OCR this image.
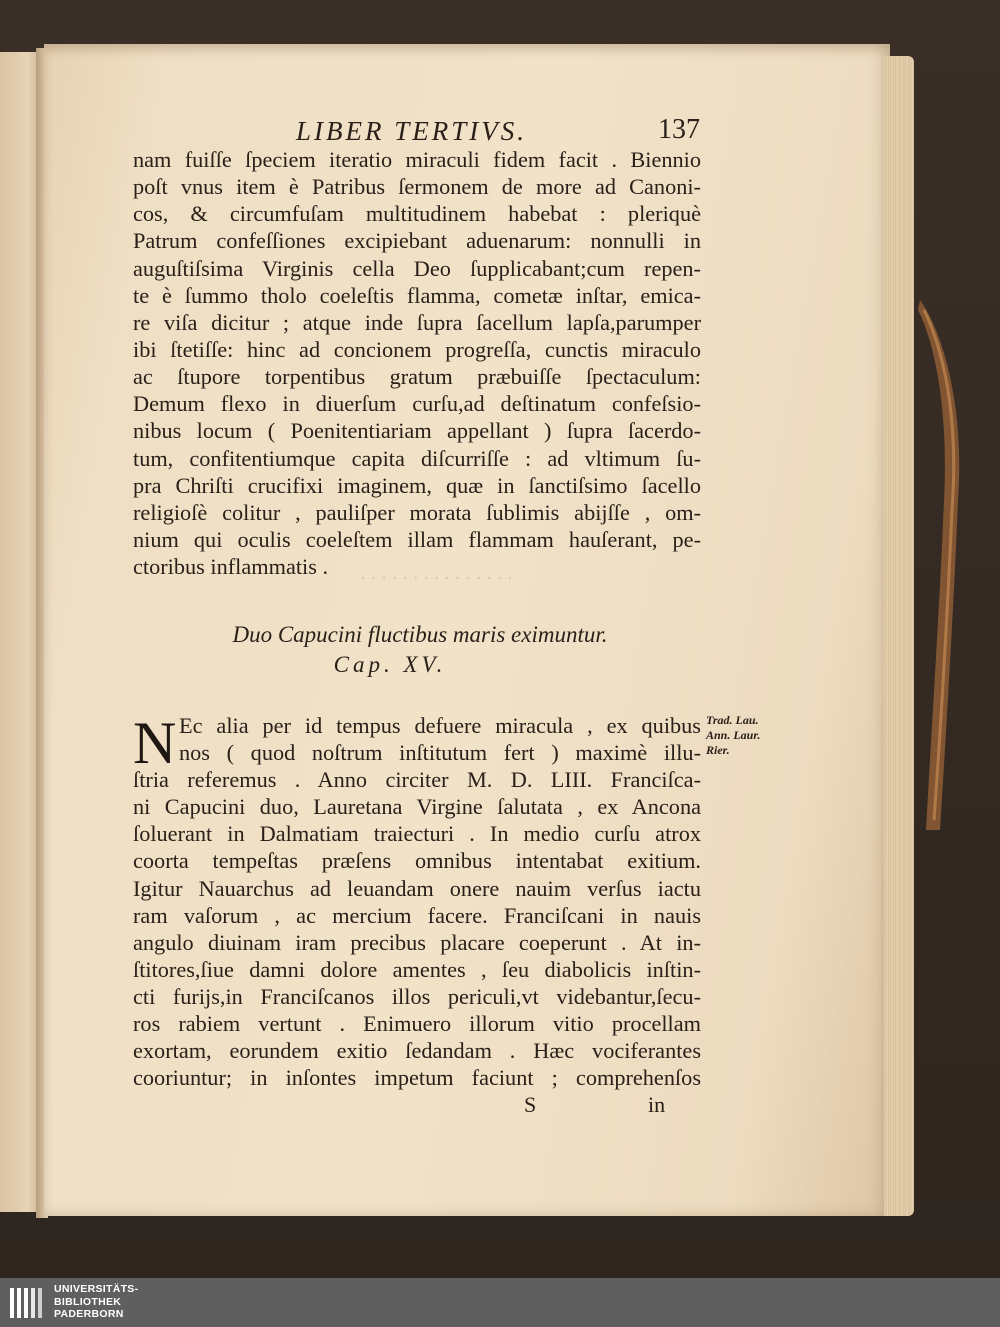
. . . . . . . . . . . . . . .
LIBER TERTIVS.	137
nam fuiſſe ſpeciem iteratio miraculi fidem facit . Biennio
poſt vnus item è Patribus ſermonem de more ad Canoni-
cos, & circumfuſam multitudinem habebat : pleriquè
Patrum confeſſiones excipiebant aduenarum: nonnulli in
auguſtiſsima Virginis cella Deo ſupplicabant;cum repen-
te è ſummo tholo coeleſtis flamma, cometæ inſtar, emica-
re viſa dicitur ; atque inde ſupra ſacellum lapſa,parumper
ibi ſtetiſſe: hinc ad concionem progreſſa, cunctis miraculo
ac ſtupore torpentibus gratum præbuiſſe ſpectaculum:
Demum flexo in diuerſum curſu,ad deſtinatum confeſsio-
nibus locum ( Poenitentiariam appellant ) ſupra ſacerdo-
tum, confitentiumque capita diſcurriſſe : ad vltimum ſu-
pra Chriſti crucifixi imaginem, quæ in ſanctiſsimo ſacello
religioſè colitur , pauliſper morata ſublimis abijſſe , om-
nium qui oculis coeleſtem illam flammam hauſerant, pe-
ctoribus inflammatis .
Duo Capucini fluctibus maris eximuntur.
Cap. XV.
N Ec alia per id tempus defuere miracula , ex quibus
nos ( quod noſtrum inſtitutum fert ) maximè illu-
ſtria referemus . Anno circiter M. D. LIII. Franciſca-
ni Capucini duo, Lauretana Virgine ſalutata , ex Ancona
ſoluerant in Dalmatiam traiecturi . In medio curſu atrox
coorta tempeſtas præſens omnibus intentabat exitium.
Igitur Nauarchus ad leuandam onere nauim verſus iactu
ram vaſorum , ac mercium facere. Franciſcani in nauis
angulo diuinam iram precibus placare coeperunt . At in-
ſtitores,ſiue damni dolore amentes , ſeu diabolicis inſtin-
cti furijs,in Franciſcanos illos periculi,vt videbantur,ſecu-
ros rabiem vertunt . Enimuero illorum vitio procellam
exortam, eorundem exitio ſedandam . Hæc vociferantes
cooriuntur; in inſontes impetum faciunt ; comprehenſos
Trad. Lau.
Ann. Laur.
Rier.
S	in
UNIVERSITÄTS-
BIBLIOTHEK
PADERBORN
